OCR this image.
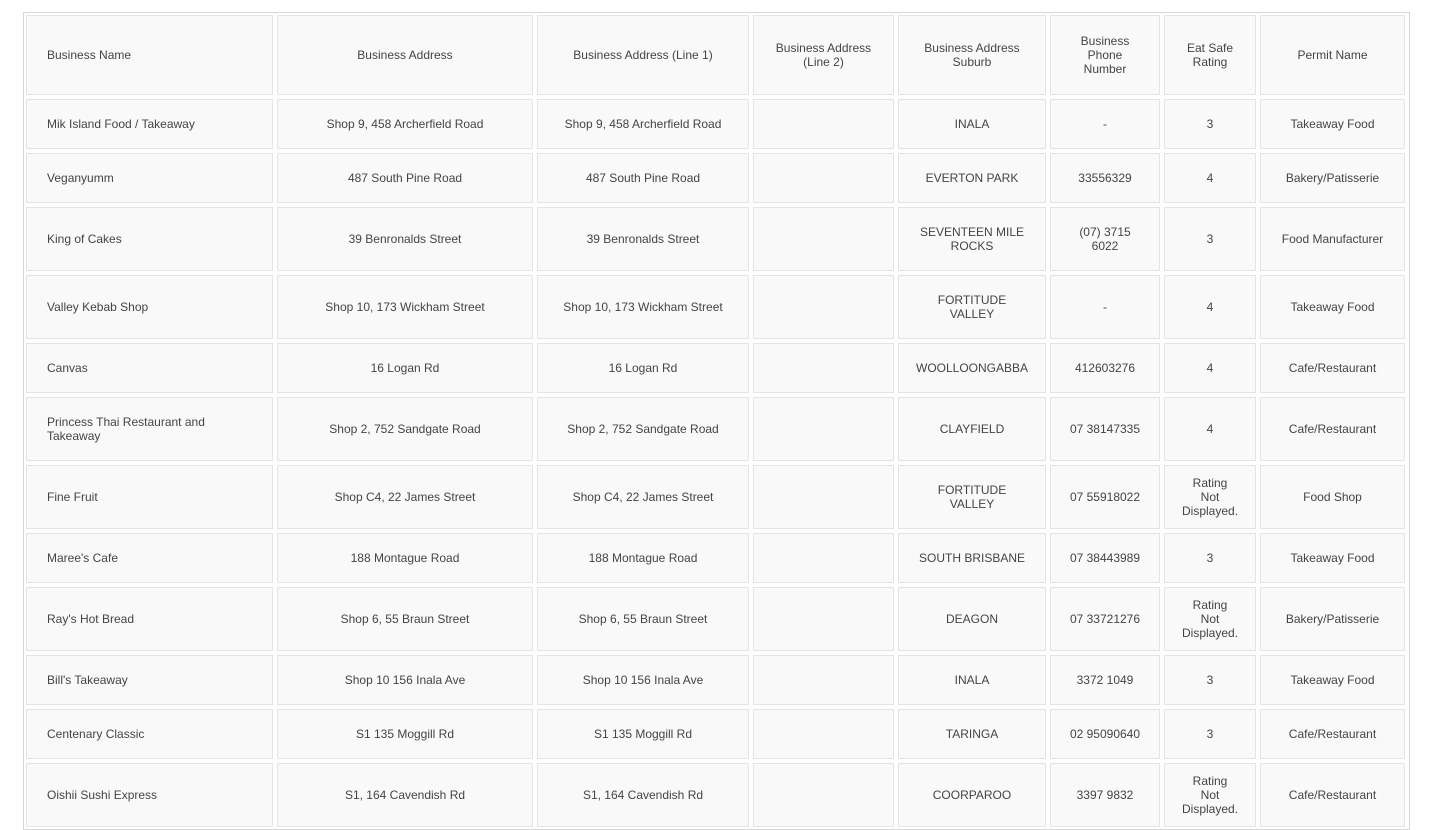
Business Name	Business Address	Business Address (Line 1)	Business Address (Line 2)	Business Address Suburb	Business Phone Number	Eat Safe Rating	Permit Name
Mik Island Food / Takeaway	Shop 9, 458 Archerfield Road	Shop 9, 458 Archerfield Road		INALA	-	3	Takeaway Food
Veganyumm	487 South Pine Road	487 South Pine Road		EVERTON PARK	33556329	4	Bakery/Patisserie
King of Cakes	39 Benronalds Street	39 Benronalds Street		SEVENTEEN MILE ROCKS	(07) 3715 6022	3	Food Manufacturer
Valley Kebab Shop	Shop 10, 173 Wickham Street	Shop 10, 173 Wickham Street		FORTITUDE VALLEY	-	4	Takeaway Food
Canvas	16 Logan Rd	16 Logan Rd		WOOLLOONGABBA	412603276	4	Cafe/Restaurant
Princess Thai Restaurant and Takeaway	Shop 2, 752 Sandgate Road	Shop 2, 752 Sandgate Road		CLAYFIELD	07 38147335	4	Cafe/Restaurant
Fine Fruit	Shop C4, 22 James Street	Shop C4, 22 James Street		FORTITUDE VALLEY	07 55918022	Rating Not Displayed.	Food Shop
Maree's Cafe	188 Montague Road	188 Montague Road		SOUTH BRISBANE	07 38443989	3	Takeaway Food
Ray's Hot Bread	Shop 6, 55 Braun Street	Shop 6, 55 Braun Street		DEAGON	07 33721276	Rating Not Displayed.	Bakery/Patisserie
Bill's Takeaway	Shop 10 156 Inala Ave	Shop 10 156 Inala Ave		INALA	3372 1049	3	Takeaway Food
Centenary Classic	S1 135 Moggill Rd	S1 135 Moggill Rd		TARINGA	02 95090640	3	Cafe/Restaurant
Oishii Sushi Express	S1, 164 Cavendish Rd	S1, 164 Cavendish Rd		COORPAROO	3397 9832	Rating Not Displayed.	Cafe/Restaurant
